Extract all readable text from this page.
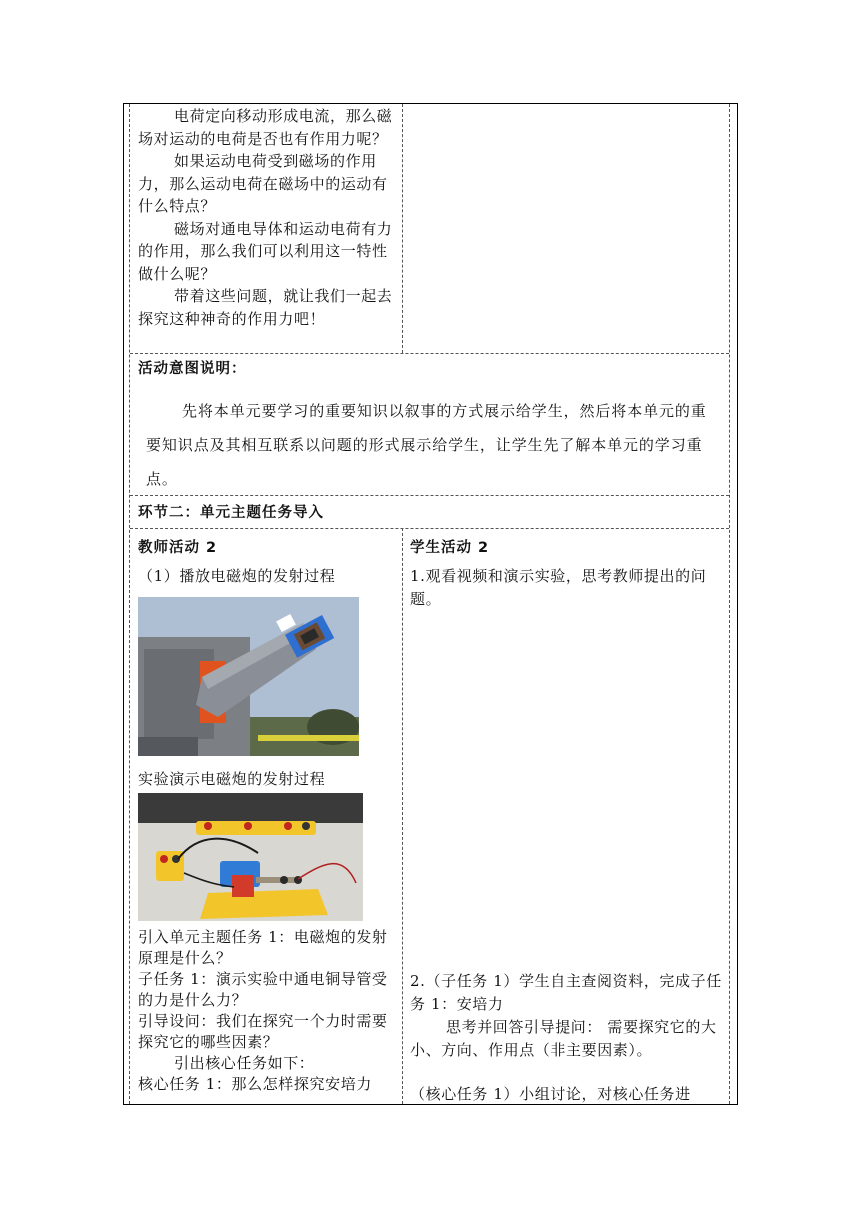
电荷定向移动形成电流，那么磁场对运动的电荷是否也有作用力呢？

如果运动电荷受到磁场的作用力，那么运动电荷在磁场中的运动有什么特点？

磁场对通电导体和运动电荷有力的作用，那么我们可以利用这一特性做什么呢？

带着这些问题，就让我们一起去探究这种神奇的作用力吧！

活动意图说明：

先将本单元要学习的重要知识以叙事的方式展示给学生，然后将本单元的重要知识点及其相互联系以问题的形式展示给学生，让学生先了解本单元的学习重点。

环节二：单元主题任务导入
教师活动 2
（1）播放电磁炮的发射过程
实验演示电磁炮的发射过程

引入单元主题任务 1：电磁炮的发射原理是什么？

子任务 1：演示实验中通电铜导管受的力是什么力？

引导设问：我们在探究一个力时需要探究它的哪些因素？

引出核心任务如下：

核心任务 1：那么怎样探究安培力

学生活动 2
1.观看视频和演示实验，思考教师提出的问题。
2.（子任务 1）学生自主查阅资料，完成子任务 1：安培力

思考并回答引导提问： 需要探究它的大小、方向、作用点（非主要因素）。

（核心任务 1）小组讨论，对核心任务进
